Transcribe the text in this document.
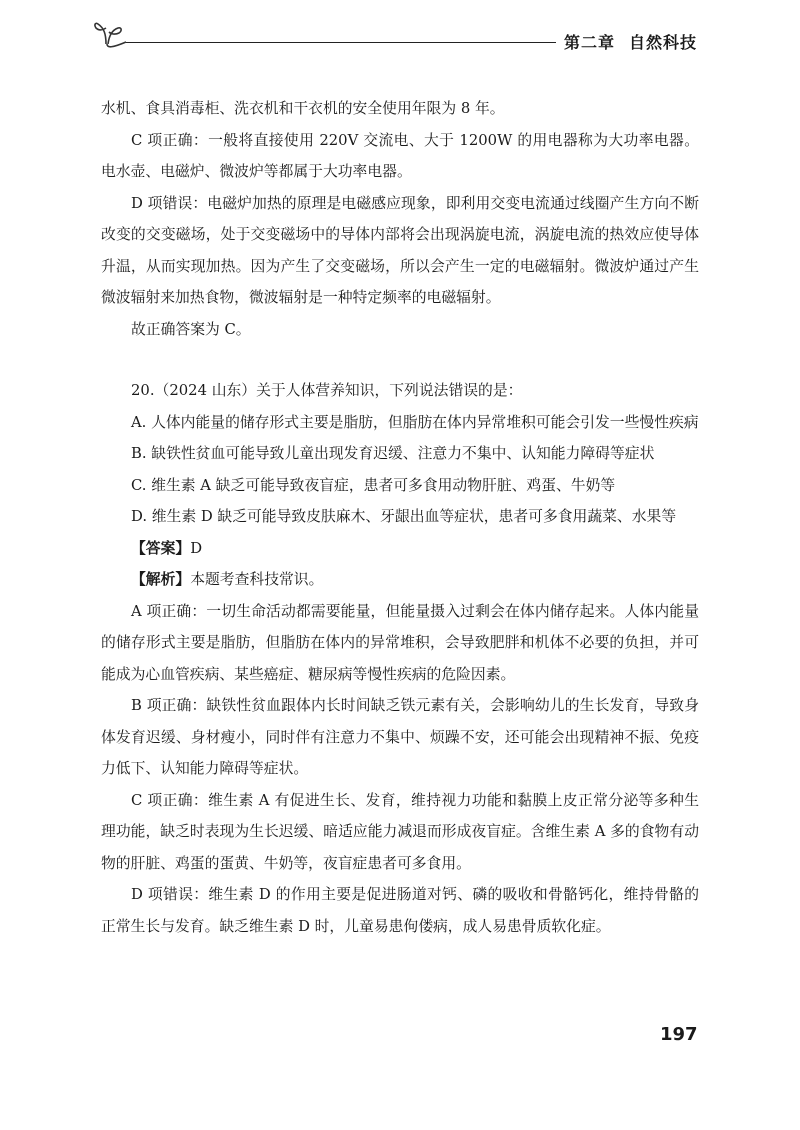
第二章 自然科技

水机、食具消毒柜、洗衣机和干衣机的安全使用年限为 8 年。

C 项正确：一般将直接使用 220V 交流电、大于 1200W 的用电器称为大功率电器。电水壶、电磁炉、微波炉等都属于大功率电器。

D 项错误：电磁炉加热的原理是电磁感应现象，即利用交变电流通过线圈产生方向不断改变的交变磁场，处于交变磁场中的导体内部将会出现涡旋电流，涡旋电流的热效应使导体升温，从而实现加热。因为产生了交变磁场，所以会产生一定的电磁辐射。微波炉通过产生微波辐射来加热食物，微波辐射是一种特定频率的电磁辐射。

故正确答案为 C。

20.（2024 山东）关于人体营养知识，下列说法错误的是：

A. 人体内能量的储存形式主要是脂肪，但脂肪在体内异常堆积可能会引发一些慢性疾病

B. 缺铁性贫血可能导致儿童出现发育迟缓、注意力不集中、认知能力障碍等症状

C. 维生素 A 缺乏可能导致夜盲症，患者可多食用动物肝脏、鸡蛋、牛奶等

D. 维生素 D 缺乏可能导致皮肤麻木、牙龈出血等症状，患者可多食用蔬菜、水果等

【答案】D

【解析】本题考查科技常识。

A 项正确：一切生命活动都需要能量，但能量摄入过剩会在体内储存起来。人体内能量的储存形式主要是脂肪，但脂肪在体内的异常堆积，会导致肥胖和机体不必要的负担，并可能成为心血管疾病、某些癌症、糖尿病等慢性疾病的危险因素。

B 项正确：缺铁性贫血跟体内长时间缺乏铁元素有关，会影响幼儿的生长发育，导致身体发育迟缓、身材瘦小，同时伴有注意力不集中、烦躁不安，还可能会出现精神不振、免疫力低下、认知能力障碍等症状。

C 项正确：维生素 A 有促进生长、发育，维持视力功能和黏膜上皮正常分泌等多种生理功能，缺乏时表现为生长迟缓、暗适应能力减退而形成夜盲症。含维生素 A 多的食物有动物的肝脏、鸡蛋的蛋黄、牛奶等，夜盲症患者可多食用。

D 项错误：维生素 D 的作用主要是促进肠道对钙、磷的吸收和骨骼钙化，维持骨骼的正常生长与发育。缺乏维生素 D 时，儿童易患佝偻病，成人易患骨质软化症。

197
